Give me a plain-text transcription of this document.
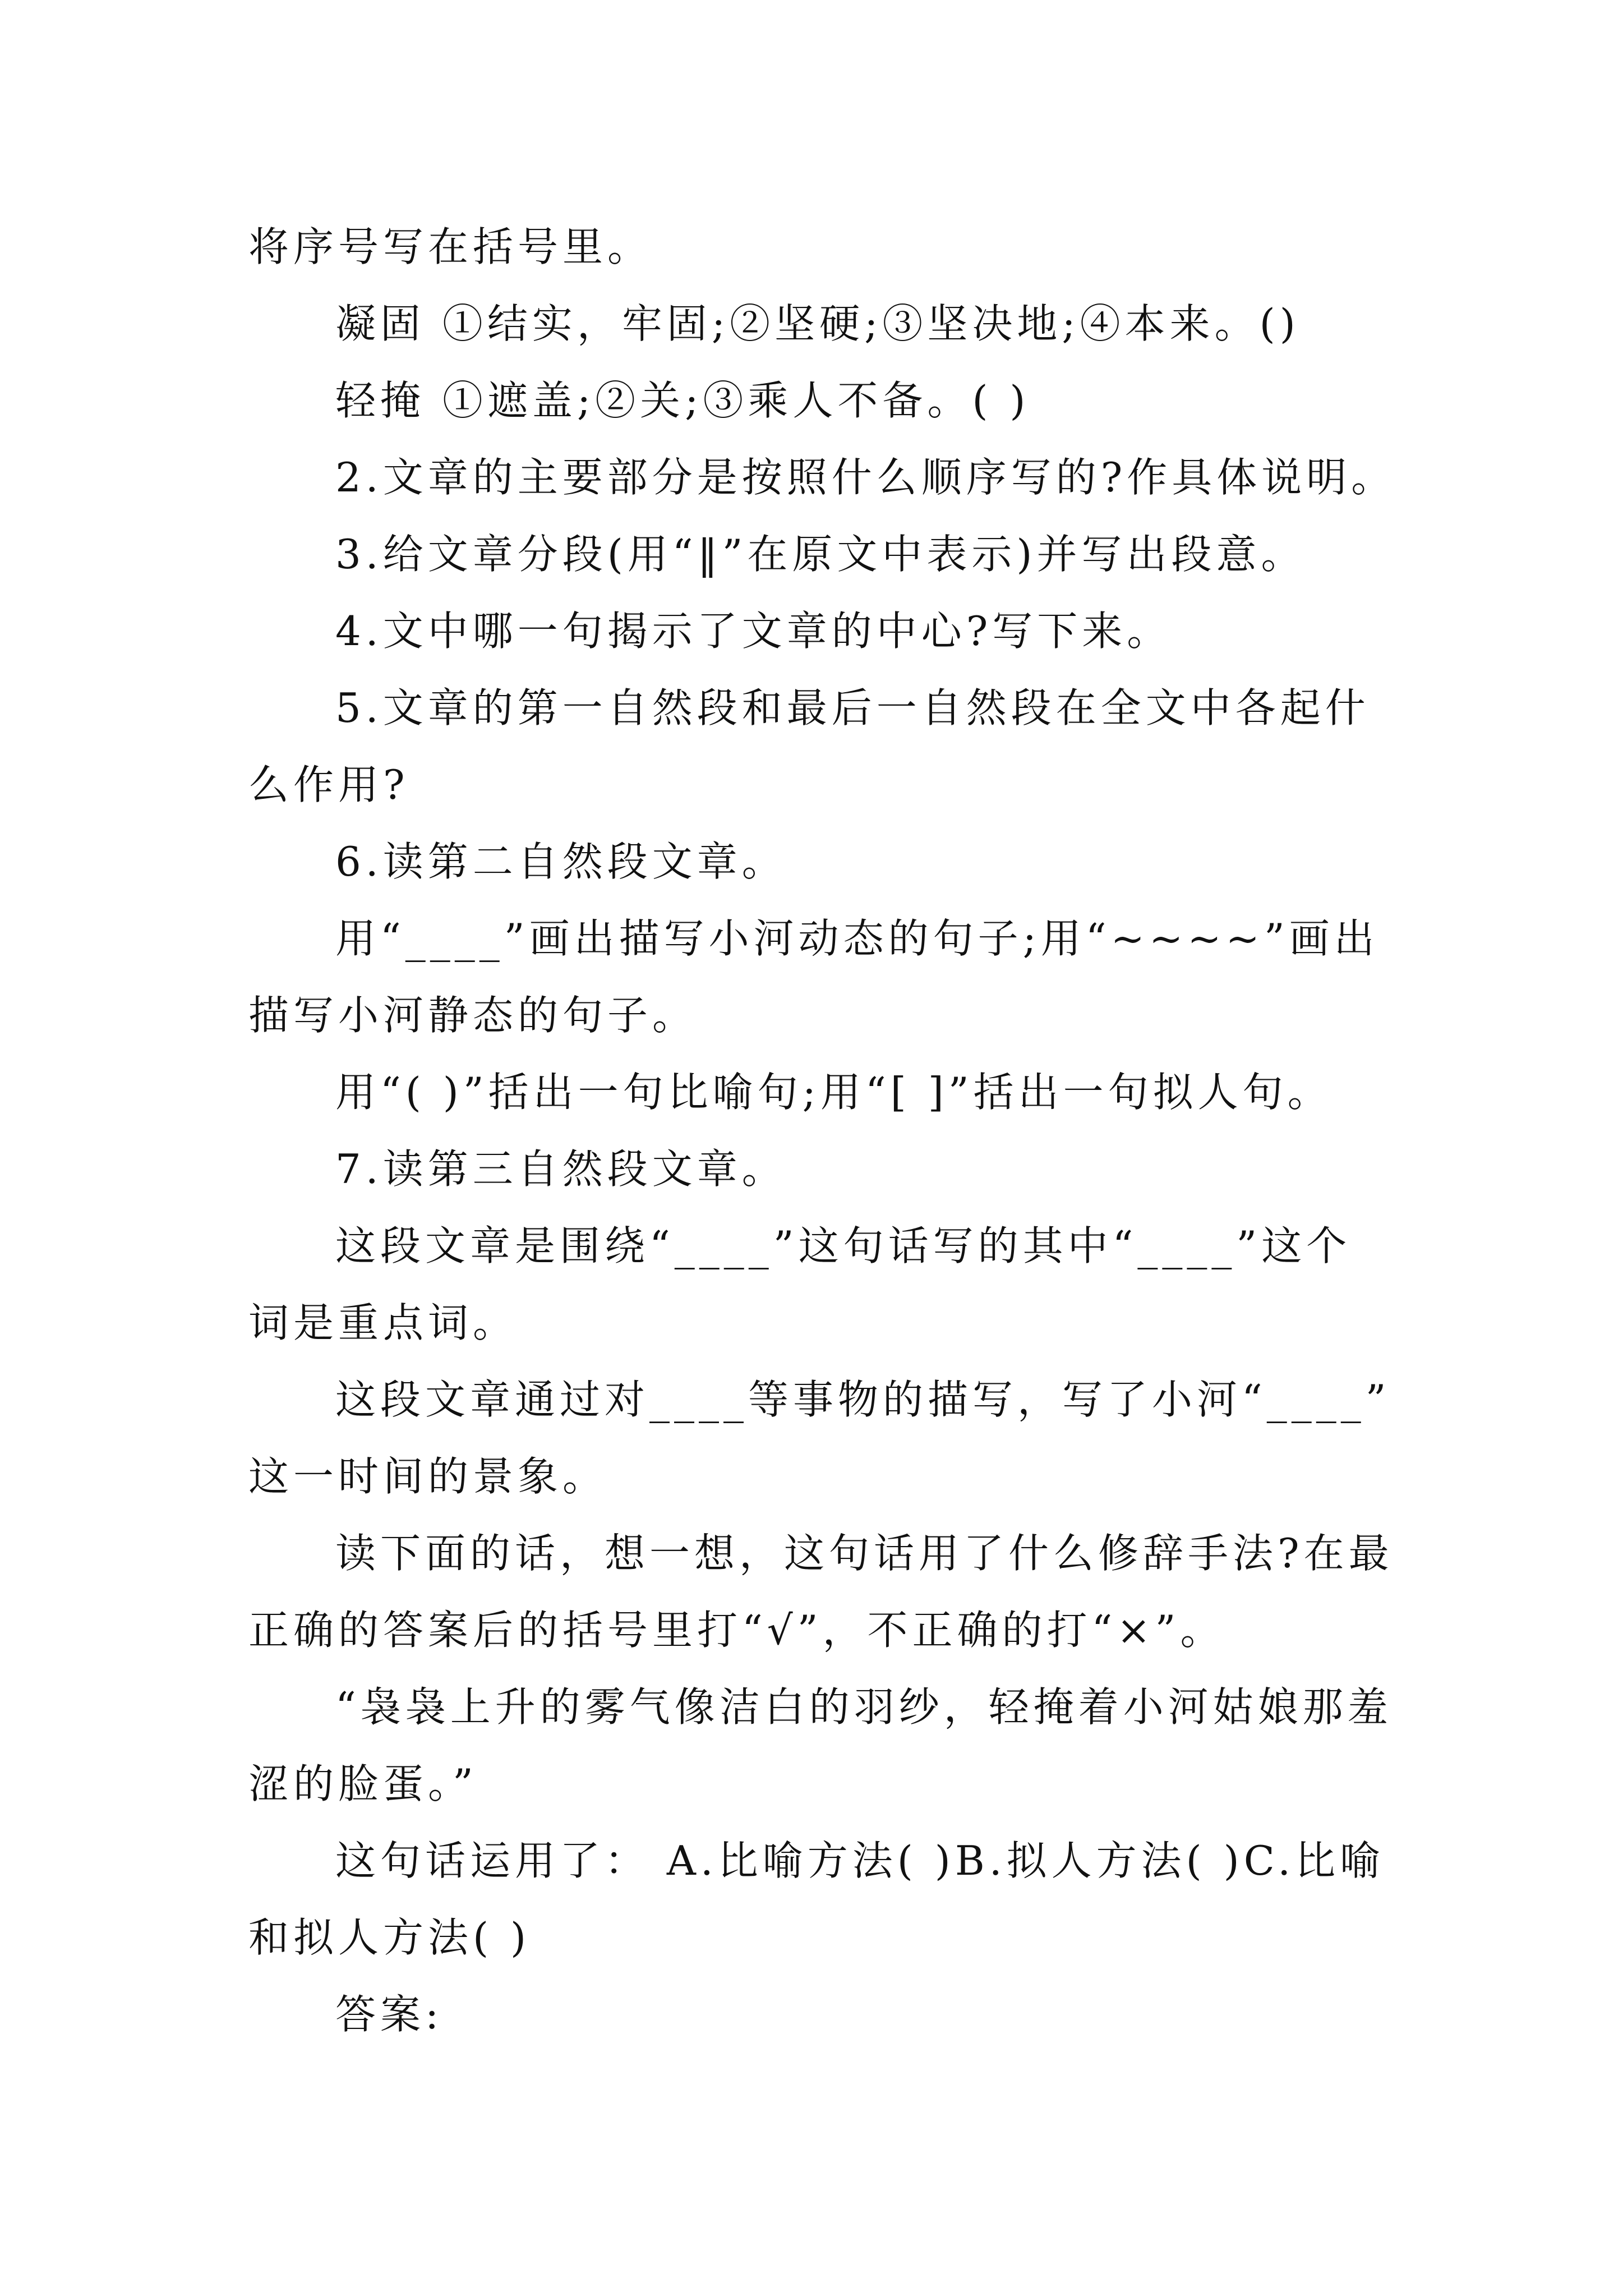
将序号写在括号里。

凝固 ①结实，牢固;②坚硬;③坚决地;④本来。()

轻掩 ①遮盖;②关;③乘人不备。( )

2.文章的主要部分是按照什么顺序写的?作具体说明。

3.给文章分段(用“‖”在原文中表示)并写出段意。

4.文中哪一句揭示了文章的中心?写下来。

5.文章的第一自然段和最后一自然段在全文中各起什

么作用?

6.读第二自然段文章。

用“____”画出描写小河动态的句子;用“~~~~”画出

描写小河静态的句子。

用“( )”括出一句比喻句;用“[ ]”括出一句拟人句。

7.读第三自然段文章。

这段文章是围绕“____”这句话写的其中“____”这个

词是重点词。

这段文章通过对____等事物的描写，写了小河“____”

这一时间的景象。

读下面的话，想一想，这句话用了什么修辞手法?在最

正确的答案后的括号里打“√”，不正确的打“×”。

“袅袅上升的雾气像洁白的羽纱，轻掩着小河姑娘那羞

涩的脸蛋。”

这句话运用了： A.比喻方法( )B.拟人方法( )C.比喻

和拟人方法( )

答案:
